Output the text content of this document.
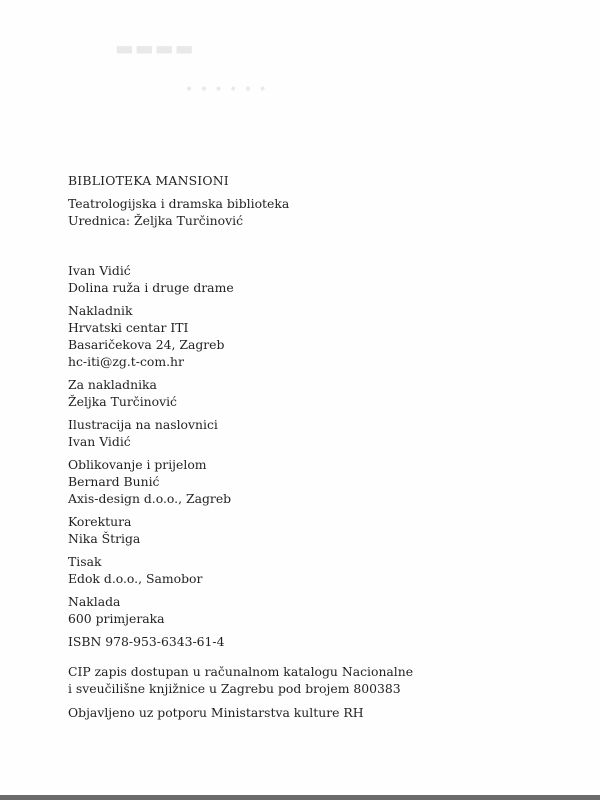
▬▬▬▬
• • • • • •
BIBLIOTEKA MANSIONI
Teatrologijska i dramska biblioteka
Urednica: Željka Turčinović
Ivan Vidić
Dolina ruža i druge drame
Nakladnik
Hrvatski centar ITI
Basaričekova 24, Zagreb
hc-iti@zg.t-com.hr
Za nakladnika
Željka Turčinović
Ilustracija na naslovnici
Ivan Vidić
Oblikovanje i prijelom
Bernard Bunić
Axis-design d.o.o., Zagreb
Korektura
Nika Štriga
Tisak
Edok d.o.o., Samobor
Naklada
600 primjeraka
ISBN 978-953-6343-61-4
CIP zapis dostupan u računalnom katalogu Nacionalne
i sveučilišne knjižnice u Zagrebu pod brojem 800383
Objavljeno uz potporu Ministarstva kulture RH
